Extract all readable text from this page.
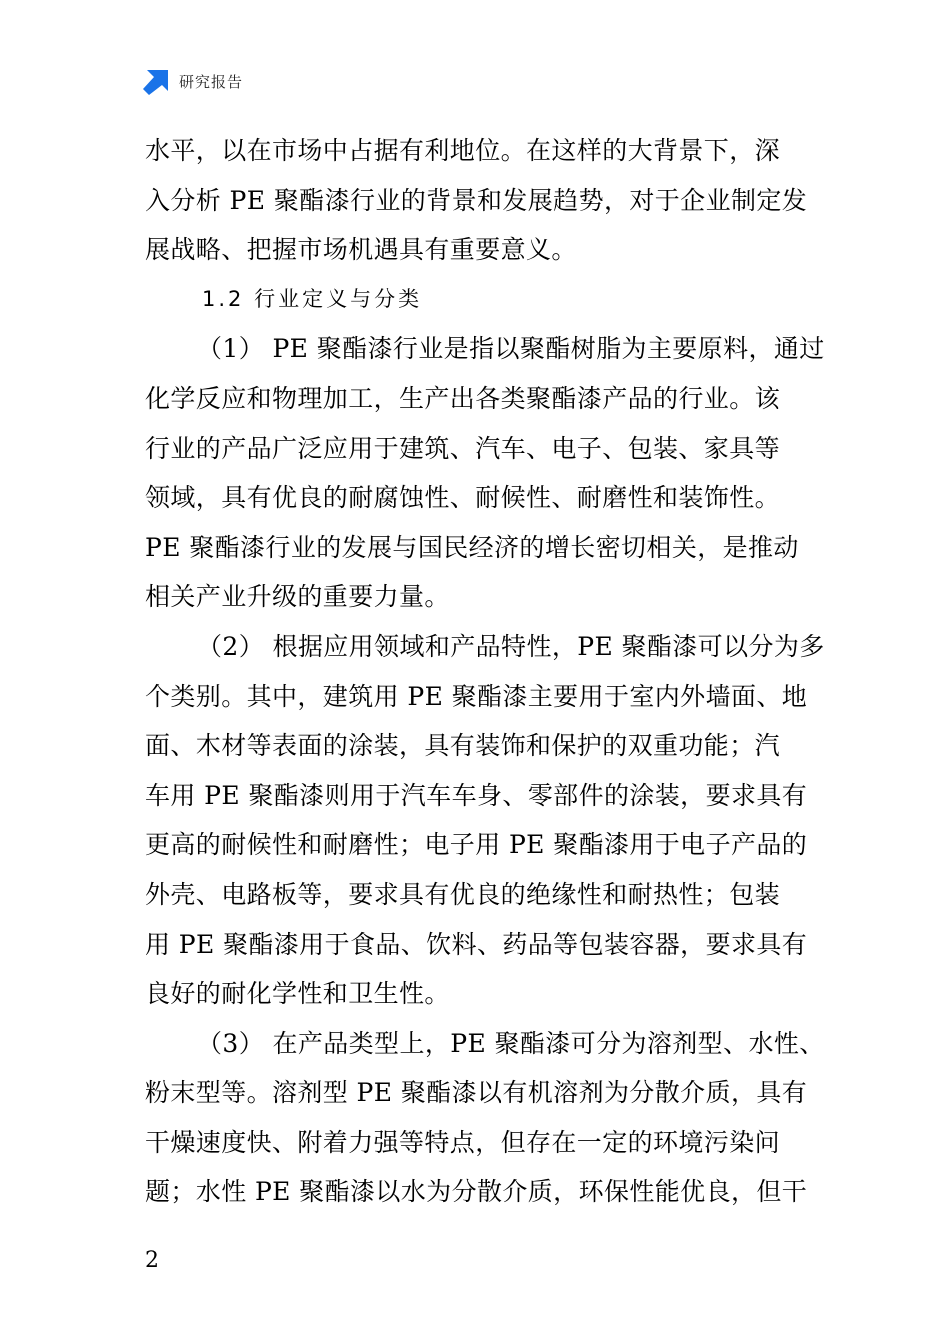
研究报告
水平，以在市场中占据有利地位。在这样的大背景下，深
入分析 PE 聚酯漆行业的背景和发展趋势，对于企业制定发
展战略、把握市场机遇具有重要意义。
1.2 行业定义与分类
（1） PE 聚酯漆行业是指以聚酯树脂为主要原料，通过
化学反应和物理加工，生产出各类聚酯漆产品的行业。该
行业的产品广泛应用于建筑、汽车、电子、包装、家具等
领域，具有优良的耐腐蚀性、耐候性、耐磨性和装饰性。
PE 聚酯漆行业的发展与国民经济的增长密切相关，是推动
相关产业升级的重要力量。
（2） 根据应用领域和产品特性，PE 聚酯漆可以分为多
个类别。其中，建筑用 PE 聚酯漆主要用于室内外墙面、地
面、木材等表面的涂装，具有装饰和保护的双重功能；汽
车用 PE 聚酯漆则用于汽车车身、零部件的涂装，要求具有
更高的耐候性和耐磨性；电子用 PE 聚酯漆用于电子产品的
外壳、电路板等，要求具有优良的绝缘性和耐热性；包装
用 PE 聚酯漆用于食品、饮料、药品等包装容器，要求具有
良好的耐化学性和卫生性。
（3） 在产品类型上，PE 聚酯漆可分为溶剂型、水性、
粉末型等。溶剂型 PE 聚酯漆以有机溶剂为分散介质，具有
干燥速度快、附着力强等特点，但存在一定的环境污染问
题；水性 PE 聚酯漆以水为分散介质，环保性能优良，但干
2
